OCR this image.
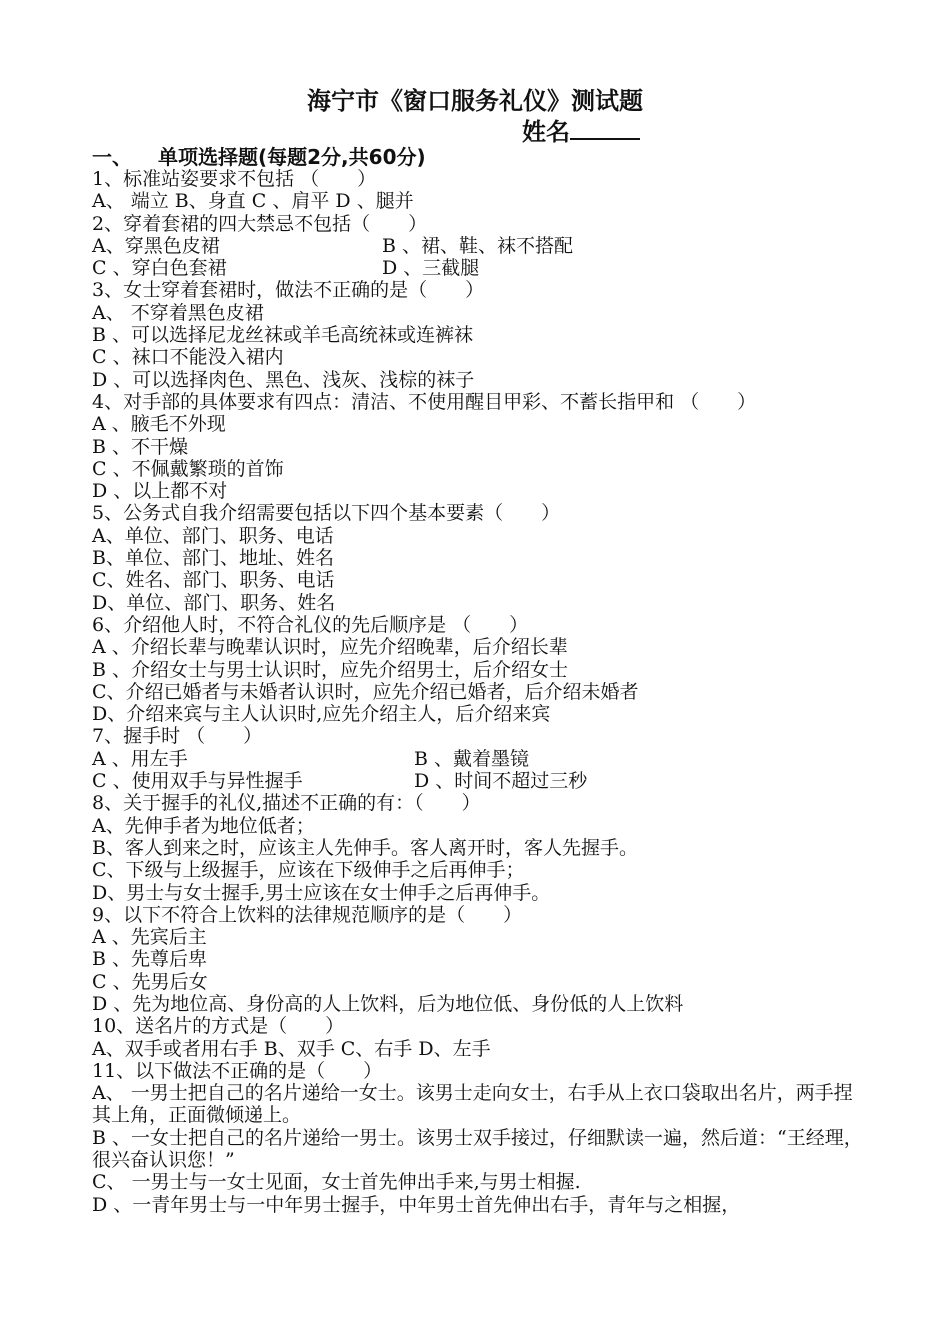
海宁市《窗口服务礼仪》测试题
姓名
一、 单项选择题(每题2分,共60分)
1、标准站姿要求不包括 （　　）
A、 端立 B、身直 C 、肩平 D 、腿并
2、穿着套裙的四大禁忌不包括（　　）
A、穿黑色皮裙	B 、裙、鞋、袜不搭配
C 、穿白色套裙	D 、三截腿
3、女士穿着套裙时，做法不正确的是（　　）
A、 不穿着黑色皮裙
B 、可以选择尼龙丝袜或羊毛高统袜或连裤袜
C 、袜口不能没入裙内
D 、可以选择肉色、黑色、浅灰、浅棕的袜子
4、对手部的具体要求有四点：清洁、不使用醒目甲彩、不蓄长指甲和 （　　）
A 、腋毛不外现
B 、不干燥
C 、不佩戴繁琐的首饰
D 、以上都不对
5、公务式自我介绍需要包括以下四个基本要素（　　）
A、单位、部门、职务、电话
B、单位、部门、地址、姓名
C、姓名、部门、职务、电话
D、单位、部门、职务、姓名
6、介绍他人时，不符合礼仪的先后顺序是 （　　）
A 、介绍长辈与晚辈认识时，应先介绍晚辈，后介绍长辈
B 、介绍女士与男士认识时，应先介绍男士，后介绍女士
C、介绍已婚者与未婚者认识时，应先介绍已婚者，后介绍未婚者
D、介绍来宾与主人认识时,应先介绍主人，后介绍来宾
7、握手时 （　　）
A 、用左手	B 、戴着墨镜
C 、使用双手与异性握手	D 、时间不超过三秒
8、关于握手的礼仪,描述不正确的有：（　　）
A、先伸手者为地位低者；
B、客人到来之时，应该主人先伸手。客人离开时，客人先握手。
C、下级与上级握手，应该在下级伸手之后再伸手；
D、男士与女士握手,男士应该在女士伸手之后再伸手。
9、以下不符合上饮料的法律规范顺序的是（　　）
A 、先宾后主
B 、先尊后卑
C 、先男后女
D 、先为地位高、身份高的人上饮料，后为地位低、身份低的人上饮料
10、送名片的方式是（　　）
A、双手或者用右手 B、双手 C、右手 D、左手
11、以下做法不正确的是（　　）
A、 一男士把自己的名片递给一女士。该男士走向女士，右手从上衣口袋取出名片，两手捏其上角，正面微倾递上。
B 、一女士把自己的名片递给一男士。该男士双手接过，仔细默读一遍，然后道：“王经理，很兴奋认识您！”
C、 一男士与一女士见面，女士首先伸出手来,与男士相握.
D 、一青年男士与一中年男士握手，中年男士首先伸出右手，青年与之相握，
